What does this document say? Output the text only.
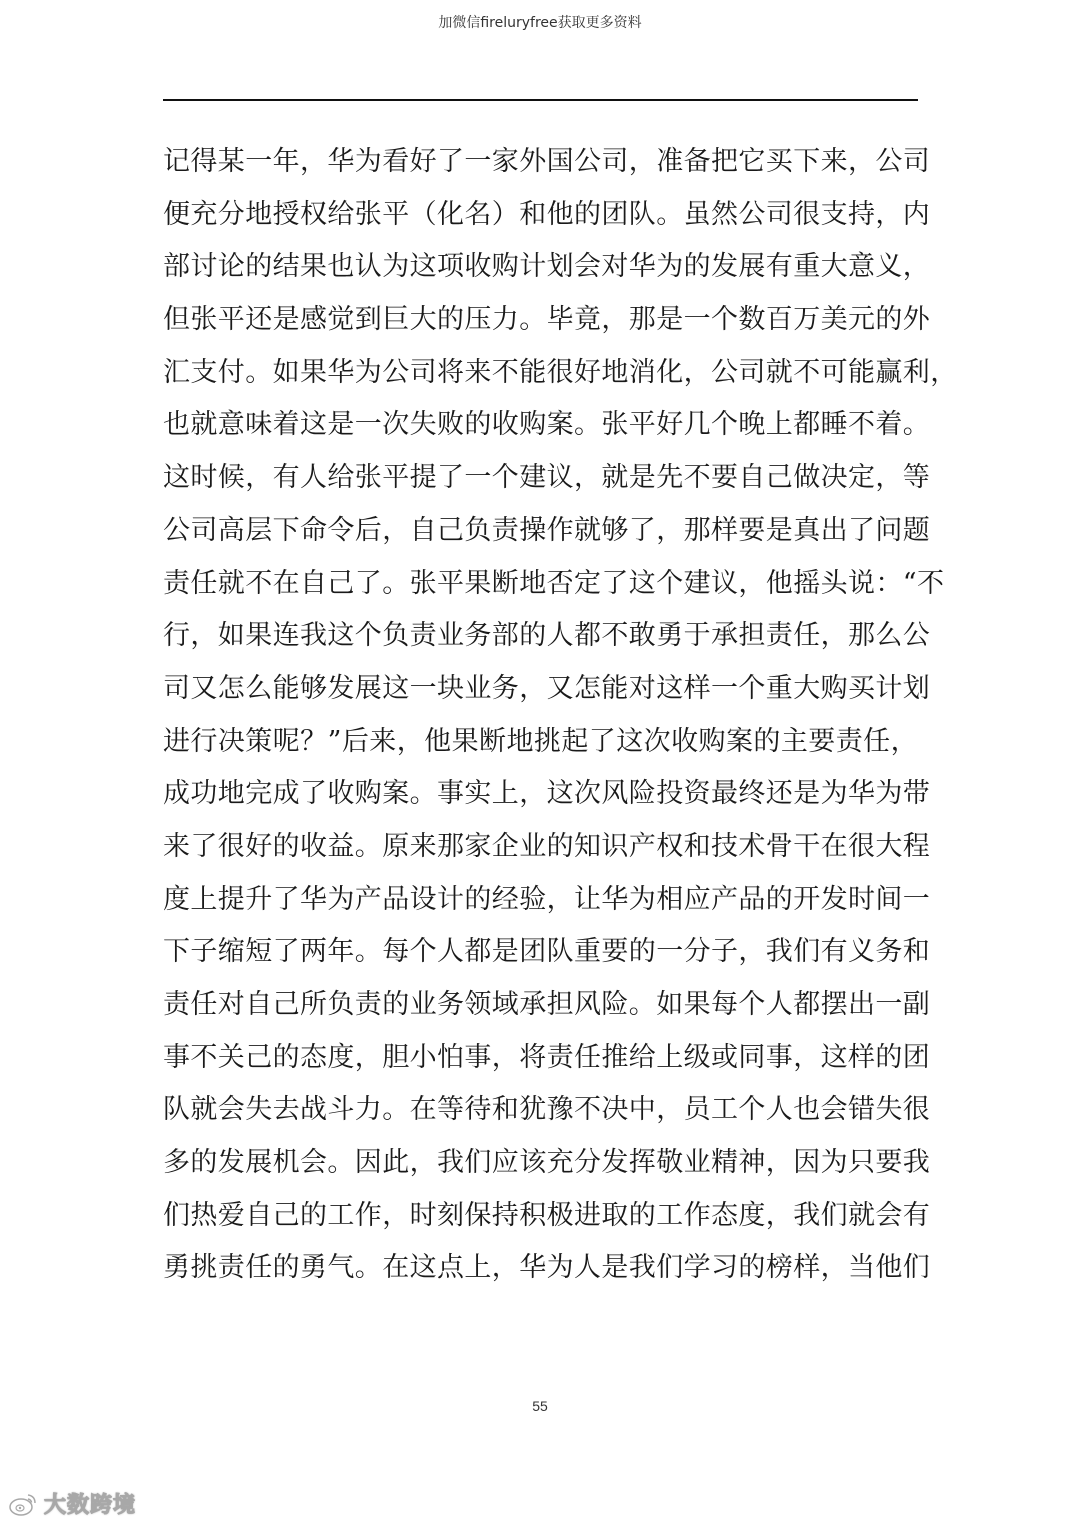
加微信fireluryfree获取更多资料
记得某一年，华为看好了一家外国公司，准备把它买下来，公司
便充分地授权给张平（化名）和他的团队。虽然公司很支持，内
部讨论的结果也认为这项收购计划会对华为的发展有重大意义，
但张平还是感觉到巨大的压力。毕竟，那是一个数百万美元的外
汇支付。如果华为公司将来不能很好地消化，公司就不可能赢利，
也就意味着这是一次失败的收购案。张平好几个晚上都睡不着。
这时候，有人给张平提了一个建议，就是先不要自己做决定，等
公司高层下命令后，自己负责操作就够了，那样要是真出了问题
责任就不在自己了。张平果断地否定了这个建议，他摇头说：“不
行，如果连我这个负责业务部的人都不敢勇于承担责任，那么公
司又怎么能够发展这一块业务，又怎能对这样一个重大购买计划
进行决策呢？”后来，他果断地挑起了这次收购案的主要责任，
成功地完成了收购案。事实上，这次风险投资最终还是为华为带
来了很好的收益。原来那家企业的知识产权和技术骨干在很大程
度上提升了华为产品设计的经验，让华为相应产品的开发时间一
下子缩短了两年。每个人都是团队重要的一分子，我们有义务和
责任对自己所负责的业务领域承担风险。如果每个人都摆出一副
事不关己的态度，胆小怕事，将责任推给上级或同事，这样的团
队就会失去战斗力。在等待和犹豫不决中，员工个人也会错失很
多的发展机会。因此，我们应该充分发挥敬业精神，因为只要我
们热爱自己的工作，时刻保持积极进取的工作态度，我们就会有
勇挑责任的勇气。在这点上，华为人是我们学习的榜样，当他们
55
大数跨境
